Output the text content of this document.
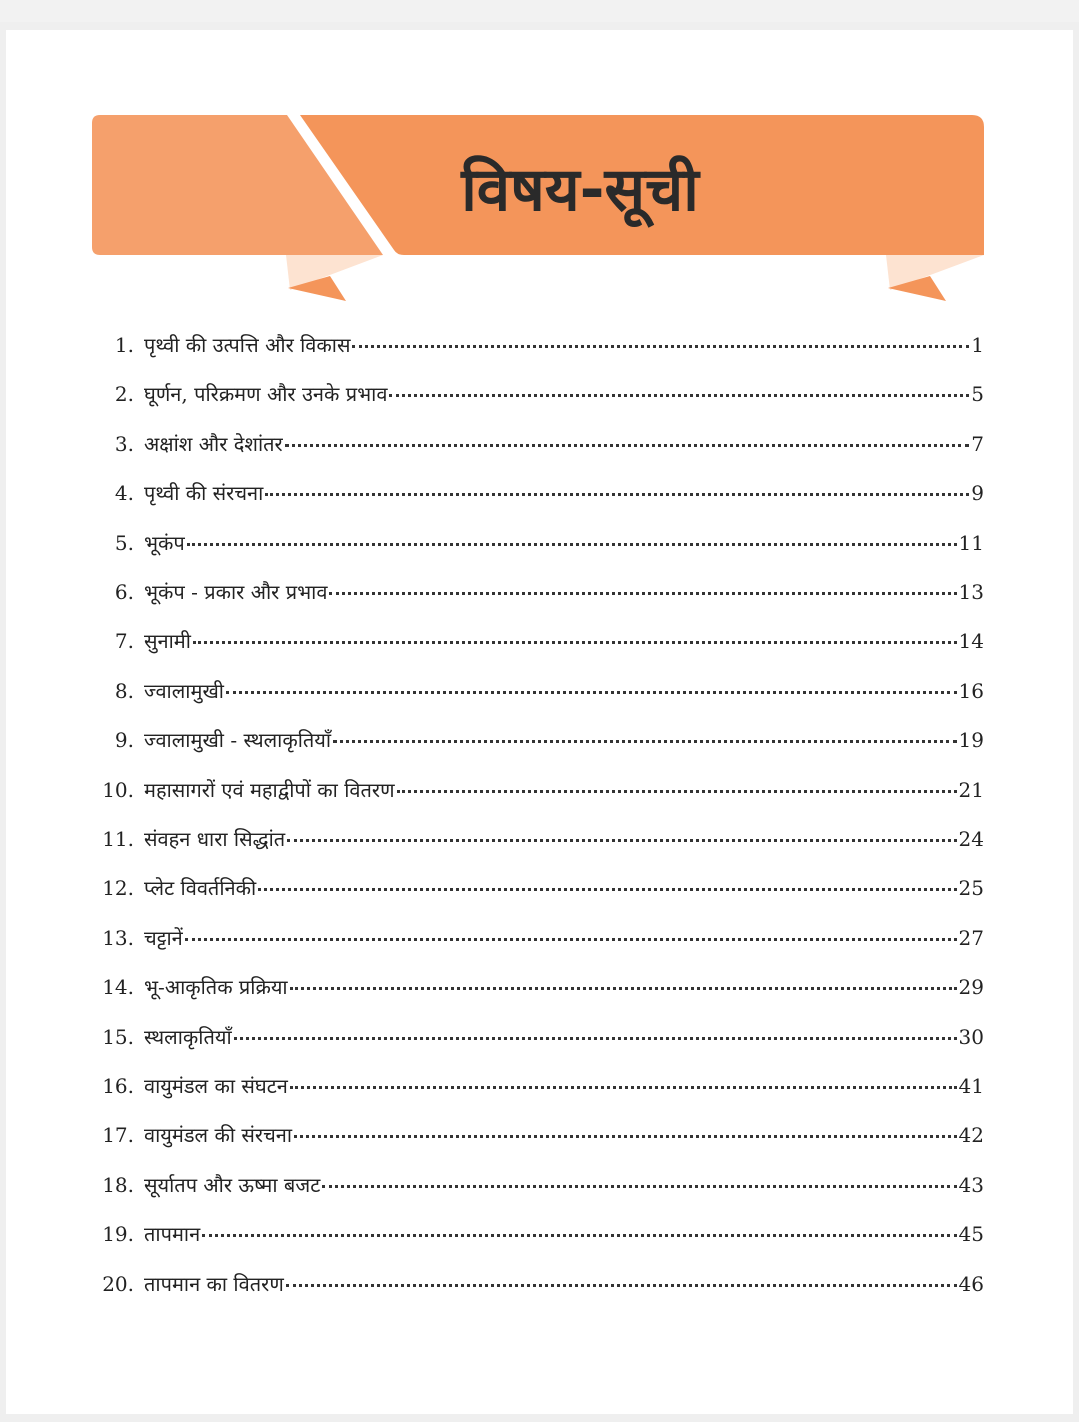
विषय-सूची
1. पृथ्वी की उत्पत्ति और विकास	1
2. घूर्णन, परिक्रमण और उनके प्रभाव	5
3. अक्षांश और देशांतर	7
4. पृथ्वी की संरचना	9
5. भूकंप	11
6. भूकंप - प्रकार और प्रभाव	13
7. सुनामी	14
8. ज्वालामुखी	16
9. ज्वालामुखी - स्थलाकृतियाँ	19
10. महासागरों एवं महाद्वीपों का वितरण	21
11. संवहन धारा सिद्धांत	24
12. प्लेट विवर्तनिकी	25
13. चट्टानें	27
14. भू-आकृतिक प्रक्रिया	29
15. स्थलाकृतियाँ	30
16. वायुमंडल का संघटन	41
17. वायुमंडल की संरचना	42
18. सूर्यातप और ऊष्मा बजट	43
19. तापमान	45
20. तापमान का वितरण	46
